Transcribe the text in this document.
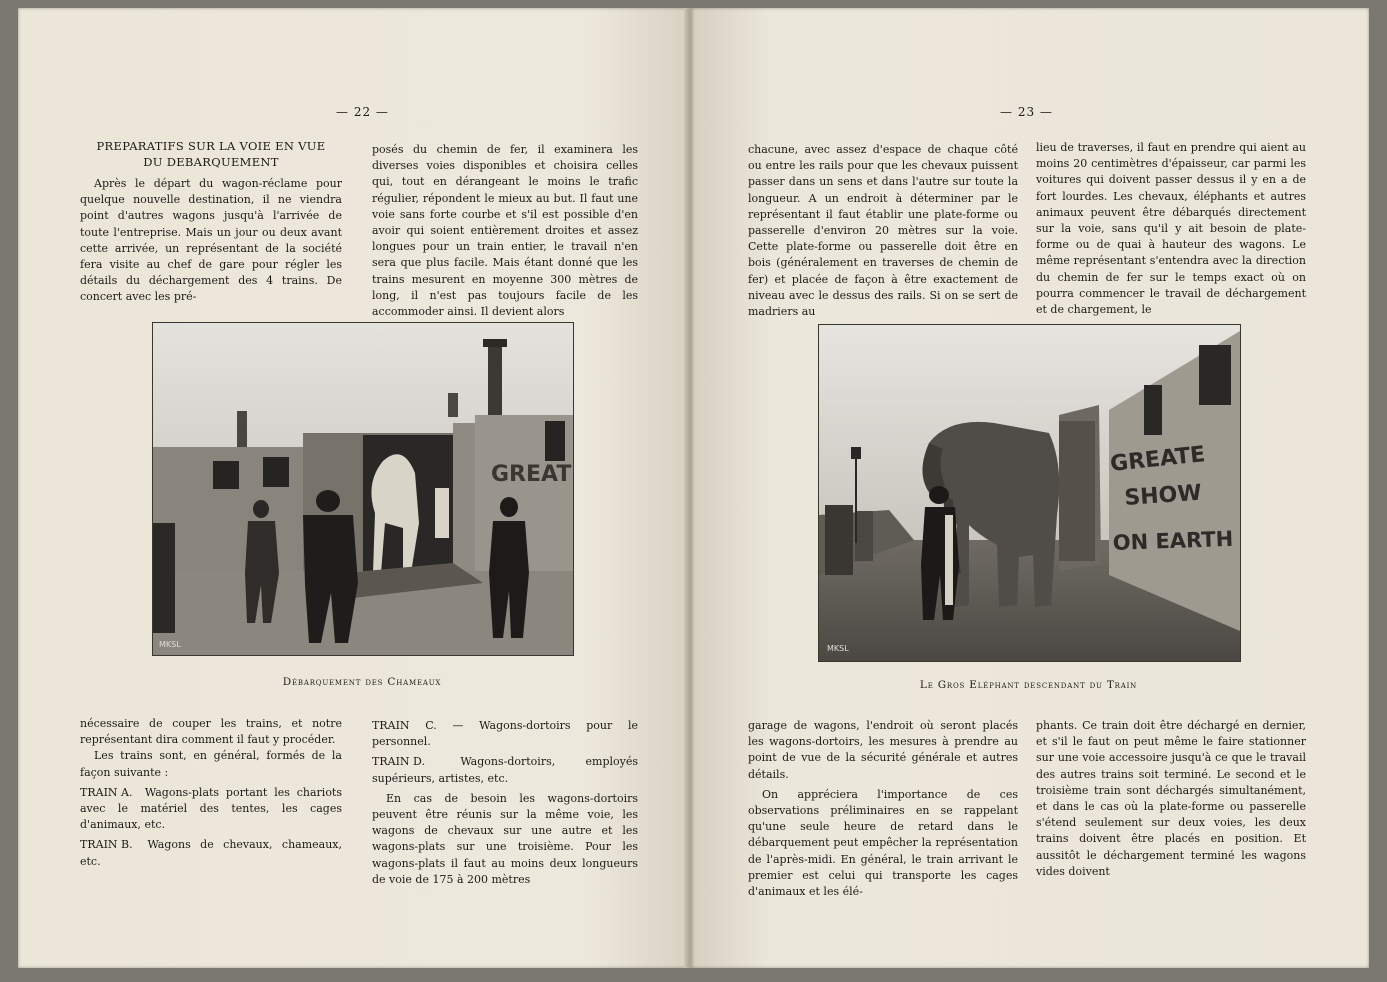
— 22 —
PREPARATIFS SUR LA VOIE EN VUE
DU DEBARQUEMENT

Après le départ du wagon-réclame pour quelque nouvelle destination, il ne viendra point d'autres wagons jusqu'à l'arrivée de toute l'entreprise. Mais un jour ou deux avant cette arrivée, un représentant de la société fera visite au chef de gare pour régler les détails du déchargement des 4 trains. De concert avec les pré-

posés du chemin de fer, il examinera les diverses voies disponibles et choisira celles qui, tout en dérangeant le moins le trafic régulier, répondent le mieux au but. Il faut une voie sans forte courbe et s'il est possible d'en avoir qui soient entièrement droites et assez longues pour un train entier, le travail n'en sera que plus facile. Mais étant donné que les trains mesurent en moyenne 300 mètres de long, il n'est pas toujours facile de les accommoder ainsi. Il devient alors

GREAT
MKSL
Débarquement des Chameaux

nécessaire de couper les trains, et notre représentant dira comment il faut y procéder.

Les trains sont, en général, formés de la façon suivante :

TRAIN A. Wagons-plats portant les chariots avec le matériel des tentes, les cages d'animaux, etc.

TRAIN B. Wagons de chevaux, chameaux, etc.

TRAIN C. — Wagons-dortoirs pour le personnel.

TRAIN D.	Wagons-dortoirs, employés supérieurs, artistes, etc.

En cas de besoin les wagons-dortoirs peuvent être réunis sur la même voie, les wagons de chevaux sur une autre et les wagons-plats sur une troisième. Pour les wagons-plats il faut au moins deux longueurs de voie de 175 à 200 mètres

— 23 —

chacune, avec assez d'espace de chaque côté ou entre les rails pour que les chevaux puissent passer dans un sens et dans l'autre sur toute la longueur. A un endroit à déterminer par le représentant il faut établir une plate-forme ou passerelle d'environ 20 mètres sur la voie. Cette plate-forme ou passerelle doit être en bois (généralement en traverses de chemin de fer) et placée de façon à être exactement de niveau avec le dessus des rails. Si on se sert de madriers au

lieu de traverses, il faut en prendre qui aient au moins 20 centimètres d'épaisseur, car parmi les voitures qui doivent passer dessus il y en a de fort lourdes. Les chevaux, éléphants et autres animaux peuvent être débarqués directement sur la voie, sans qu'il y ait besoin de plate-forme ou de quai à hauteur des wagons. Le même représentant s'entendra avec la direction du chemin de fer sur le temps exact où on pourra commencer le travail de déchargement et de chargement, le

GREATE
SHOW
ON EARTH
MKSL
Le Gros Eléphant descendant du Train

garage de wagons, l'endroit où seront placés les wagons-dortoirs, les mesures à prendre au point de vue de la sécurité générale et autres détails.

On appréciera l'importance de ces observations préliminaires en se rappelant qu'une seule heure de retard dans le débarquement peut empêcher la représentation de l'après-midi. En général, le train arrivant le premier est celui qui transporte les cages d'animaux et les élé-

phants. Ce train doit être déchargé en dernier, et s'il le faut on peut même le faire stationner sur une voie accessoire jusqu'à ce que le travail des autres trains soit terminé. Le second et le troisième train sont déchargés simultanément, et dans le cas où la plate-forme ou passerelle s'étend seulement sur deux voies, les deux trains doivent être placés en position. Et aussitôt le déchargement terminé les wagons vides doivent
